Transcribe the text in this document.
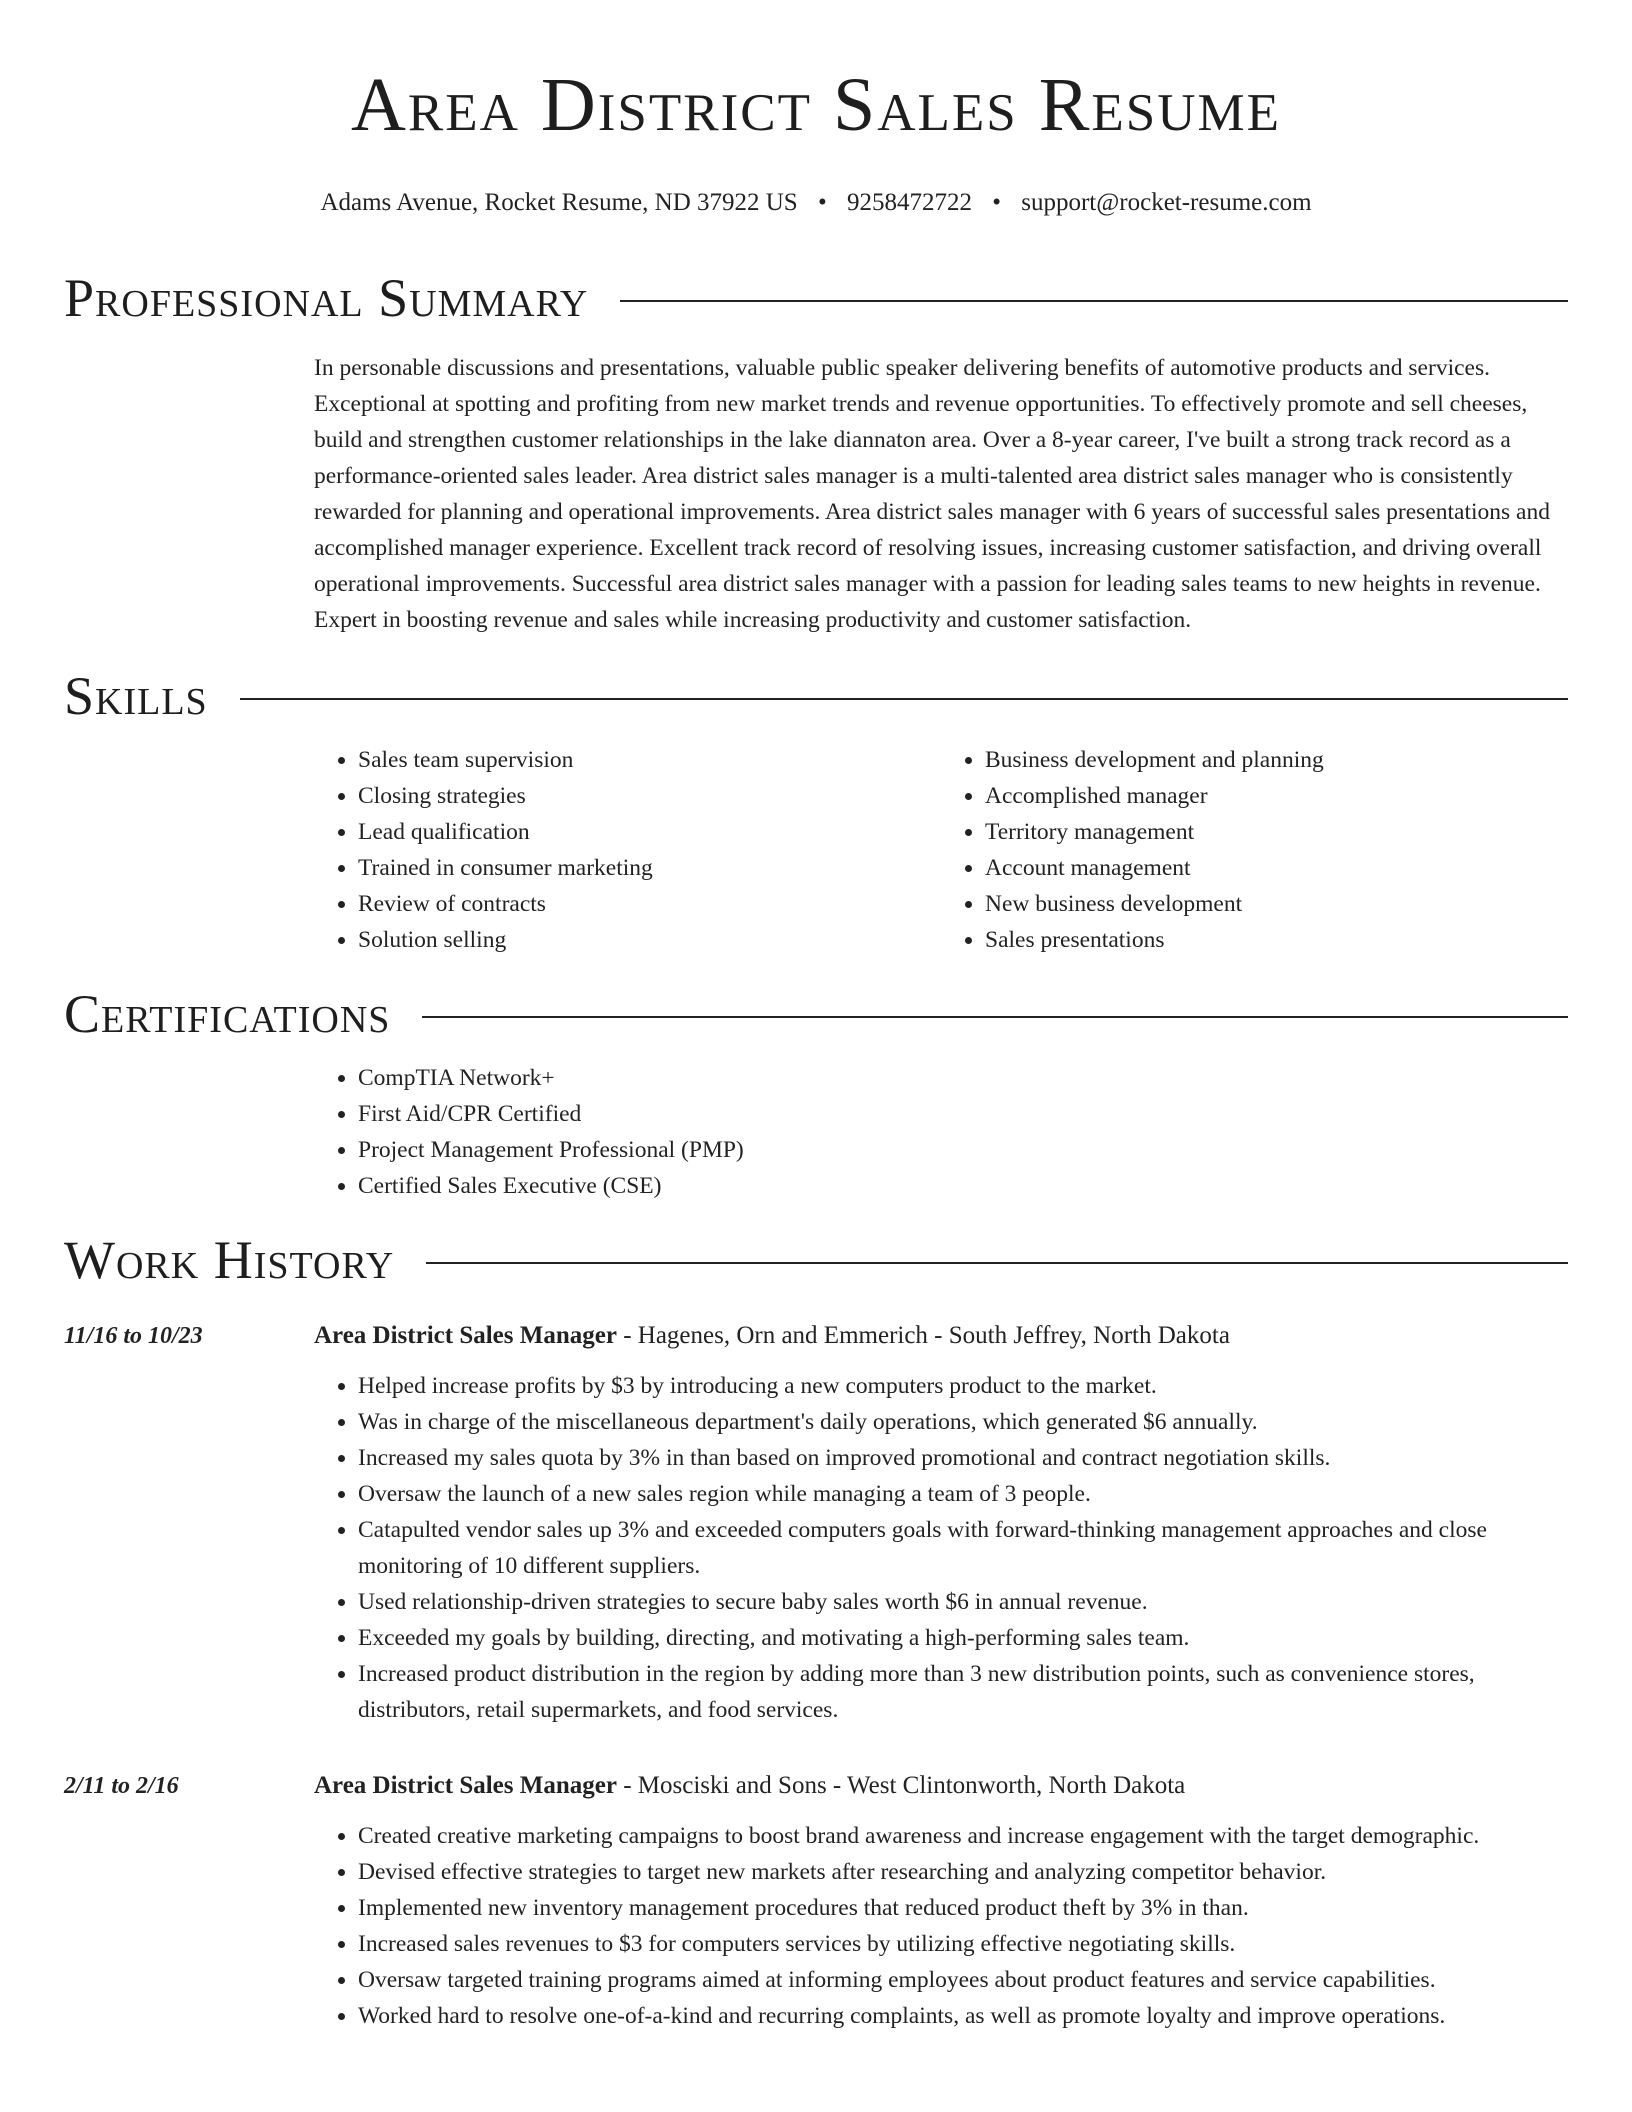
Area District Sales Resume
Adams Avenue, Rocket Resume, ND 37922 US • 9258472722 • support@rocket-resume.com
Professional Summary

In personable discussions and presentations, valuable public speaker delivering benefits of automotive products and services. Exceptional at spotting and profiting from new market trends and revenue opportunities. To effectively promote and sell cheeses, build and strengthen customer relationships in the lake diannaton area. Over a 8-year career, I've built a strong track record as a performance-oriented sales leader. Area district sales manager is a multi-talented area district sales manager who is consistently rewarded for planning and operational improvements. Area district sales manager with 6 years of successful sales presentations and accomplished manager experience. Excellent track record of resolving issues, increasing customer satisfaction, and driving overall operational improvements. Successful area district sales manager with a passion for leading sales teams to new heights in revenue. Expert in boosting revenue and sales while increasing productivity and customer satisfaction.

Skills
• Sales team supervision
• Closing strategies
• Lead qualification
• Trained in consumer marketing
• Review of contracts
• Solution selling
• Business development and planning
• Accomplished manager
• Territory management
• Account management
• New business development
• Sales presentations
Certifications
• CompTIA Network+
• First Aid/CPR Certified
• Project Management Professional (PMP)
• Certified Sales Executive (CSE)
Work History
11/16 to 10/23	Area District Sales Manager - Hagenes, Orn and Emmerich - South Jeffrey, North Dakota
• Helped increase profits by $3 by introducing a new computers product to the market.
• Was in charge of the miscellaneous department's daily operations, which generated $6 annually.
• Increased my sales quota by 3% in than based on improved promotional and contract negotiation skills.
• Oversaw the launch of a new sales region while managing a team of 3 people.
• Catapulted vendor sales up 3% and exceeded computers goals with forward-thinking management approaches and close monitoring of 10 different suppliers.
• Used relationship-driven strategies to secure baby sales worth $6 in annual revenue.
• Exceeded my goals by building, directing, and motivating a high-performing sales team.
• Increased product distribution in the region by adding more than 3 new distribution points, such as convenience stores, distributors, retail supermarkets, and food services.
2/11 to 2/16	Area District Sales Manager - Mosciski and Sons - West Clintonworth, North Dakota
• Created creative marketing campaigns to boost brand awareness and increase engagement with the target demographic.
• Devised effective strategies to target new markets after researching and analyzing competitor behavior.
• Implemented new inventory management procedures that reduced product theft by 3% in than.
• Increased sales revenues to $3 for computers services by utilizing effective negotiating skills.
• Oversaw targeted training programs aimed at informing employees about product features and service capabilities.
• Worked hard to resolve one-of-a-kind and recurring complaints, as well as promote loyalty and improve operations.
